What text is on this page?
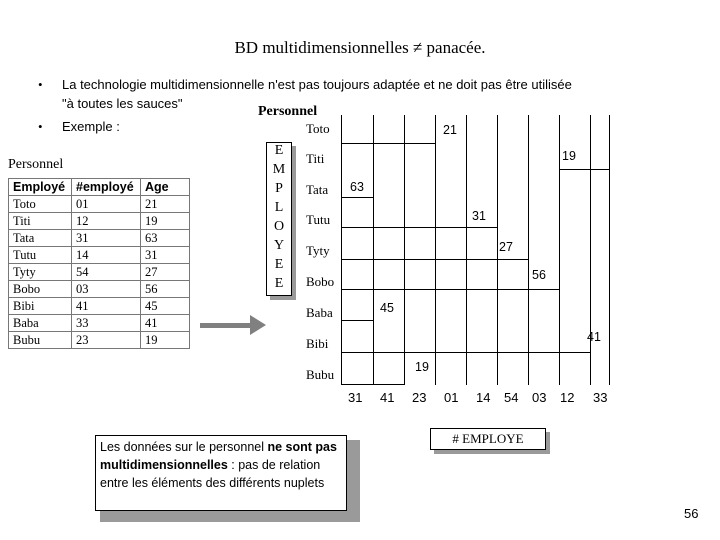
BD multidimensionnelles ≠ panacée.
• La technologie multidimensionnelle n'est pas toujours adaptée et ne doit pas être utilisée
"à toutes les sauces"
• Exemple :
Personnel
Personnel
Employé	#employé	Age
Toto	01	21
Titi	12	19
Tata	31	63
Tutu	14	31
Tyty	54	27
Bobo	03	56
Bibi	41	45
Baba	33	41
Bubu	23	19
E
M
P
L
O
Y
E
E
Toto
Titi
Tata
Tutu
Tyty
Bobo
Baba
Bibi
Bubu
21
19
63
31
27
56
45
41
19
31 41 23 01 14 54 03 12 33
# EMPLOYE
Les données sur le personnel ne sont pas multidimensionnelles : pas de relation entre les éléments des différents nuplets
56
